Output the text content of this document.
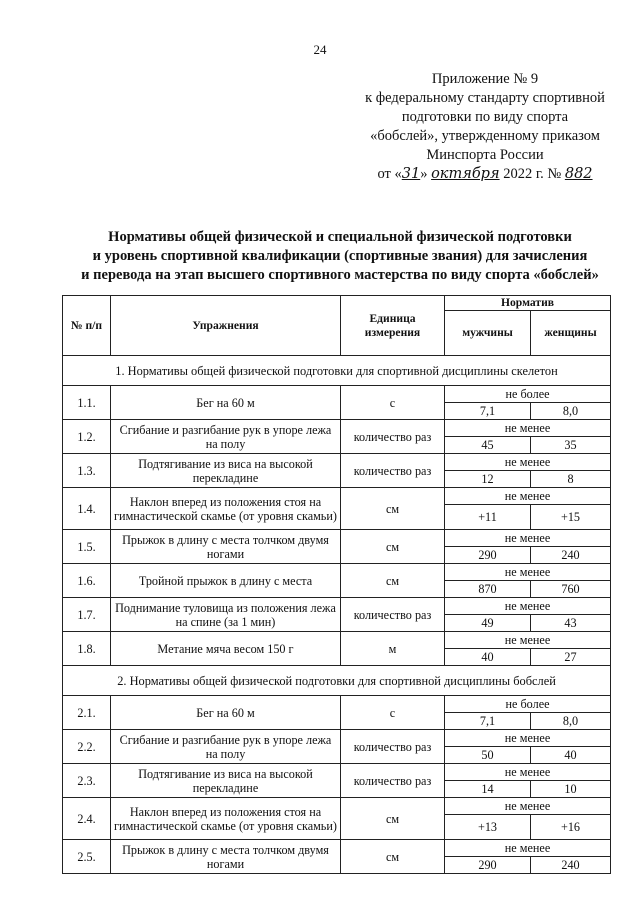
24
Приложение № 9
к федеральному стандарту спортивной
подготовки по виду спорта
«бобслей», утвержденному приказом
Минспорта России
от «31» октября 2022 г. № 882
Нормативы общей физической и специальной физической подготовки
и уровень спортивной квалификации (спортивные звания) для зачисления
и перевода на этап высшего спортивного мастерства по виду спорта «бобслей»
№ п/п	Упражнения	Единица измерения	Норматив	
			мужчины	женщины
1. Нормативы общей физической подготовки для спортивной дисциплины скелетон				
1.1.	Бег на 60 м	с	не более	
			7,1	8,0
1.2.	Сгибание и разгибание рук в упоре лежа на полу	количество раз	не менее	
			45	35
1.3.	Подтягивание из виса на высокой перекладине	количество раз	не менее	
			12	8
1.4.	Наклон вперед из положения стоя на гимнастической скамье (от уровня скамьи)	см	не менее	
			+11	+15
1.5.	Прыжок в длину с места толчком двумя ногами	см	не менее	
			290	240
1.6.	Тройной прыжок в длину с места	см	не менее	
			870	760
1.7.	Поднимание туловища из положения лежа на спине (за 1 мин)	количество раз	не менее	
			49	43
1.8.	Метание мяча весом 150 г	м	не менее	
			40	27
2. Нормативы общей физической подготовки для спортивной дисциплины бобслей				
2.1.	Бег на 60 м	с	не более	
			7,1	8,0
2.2.	Сгибание и разгибание рук в упоре лежа на полу	количество раз	не менее	
			50	40
2.3.	Подтягивание из виса на высокой перекладине	количество раз	не менее	
			14	10
2.4.	Наклон вперед из положения стоя на гимнастической скамье (от уровня скамьи)	см	не менее	
			+13	+16
2.5.	Прыжок в длину с места толчком двумя ногами	см	не менее	
			290	240
